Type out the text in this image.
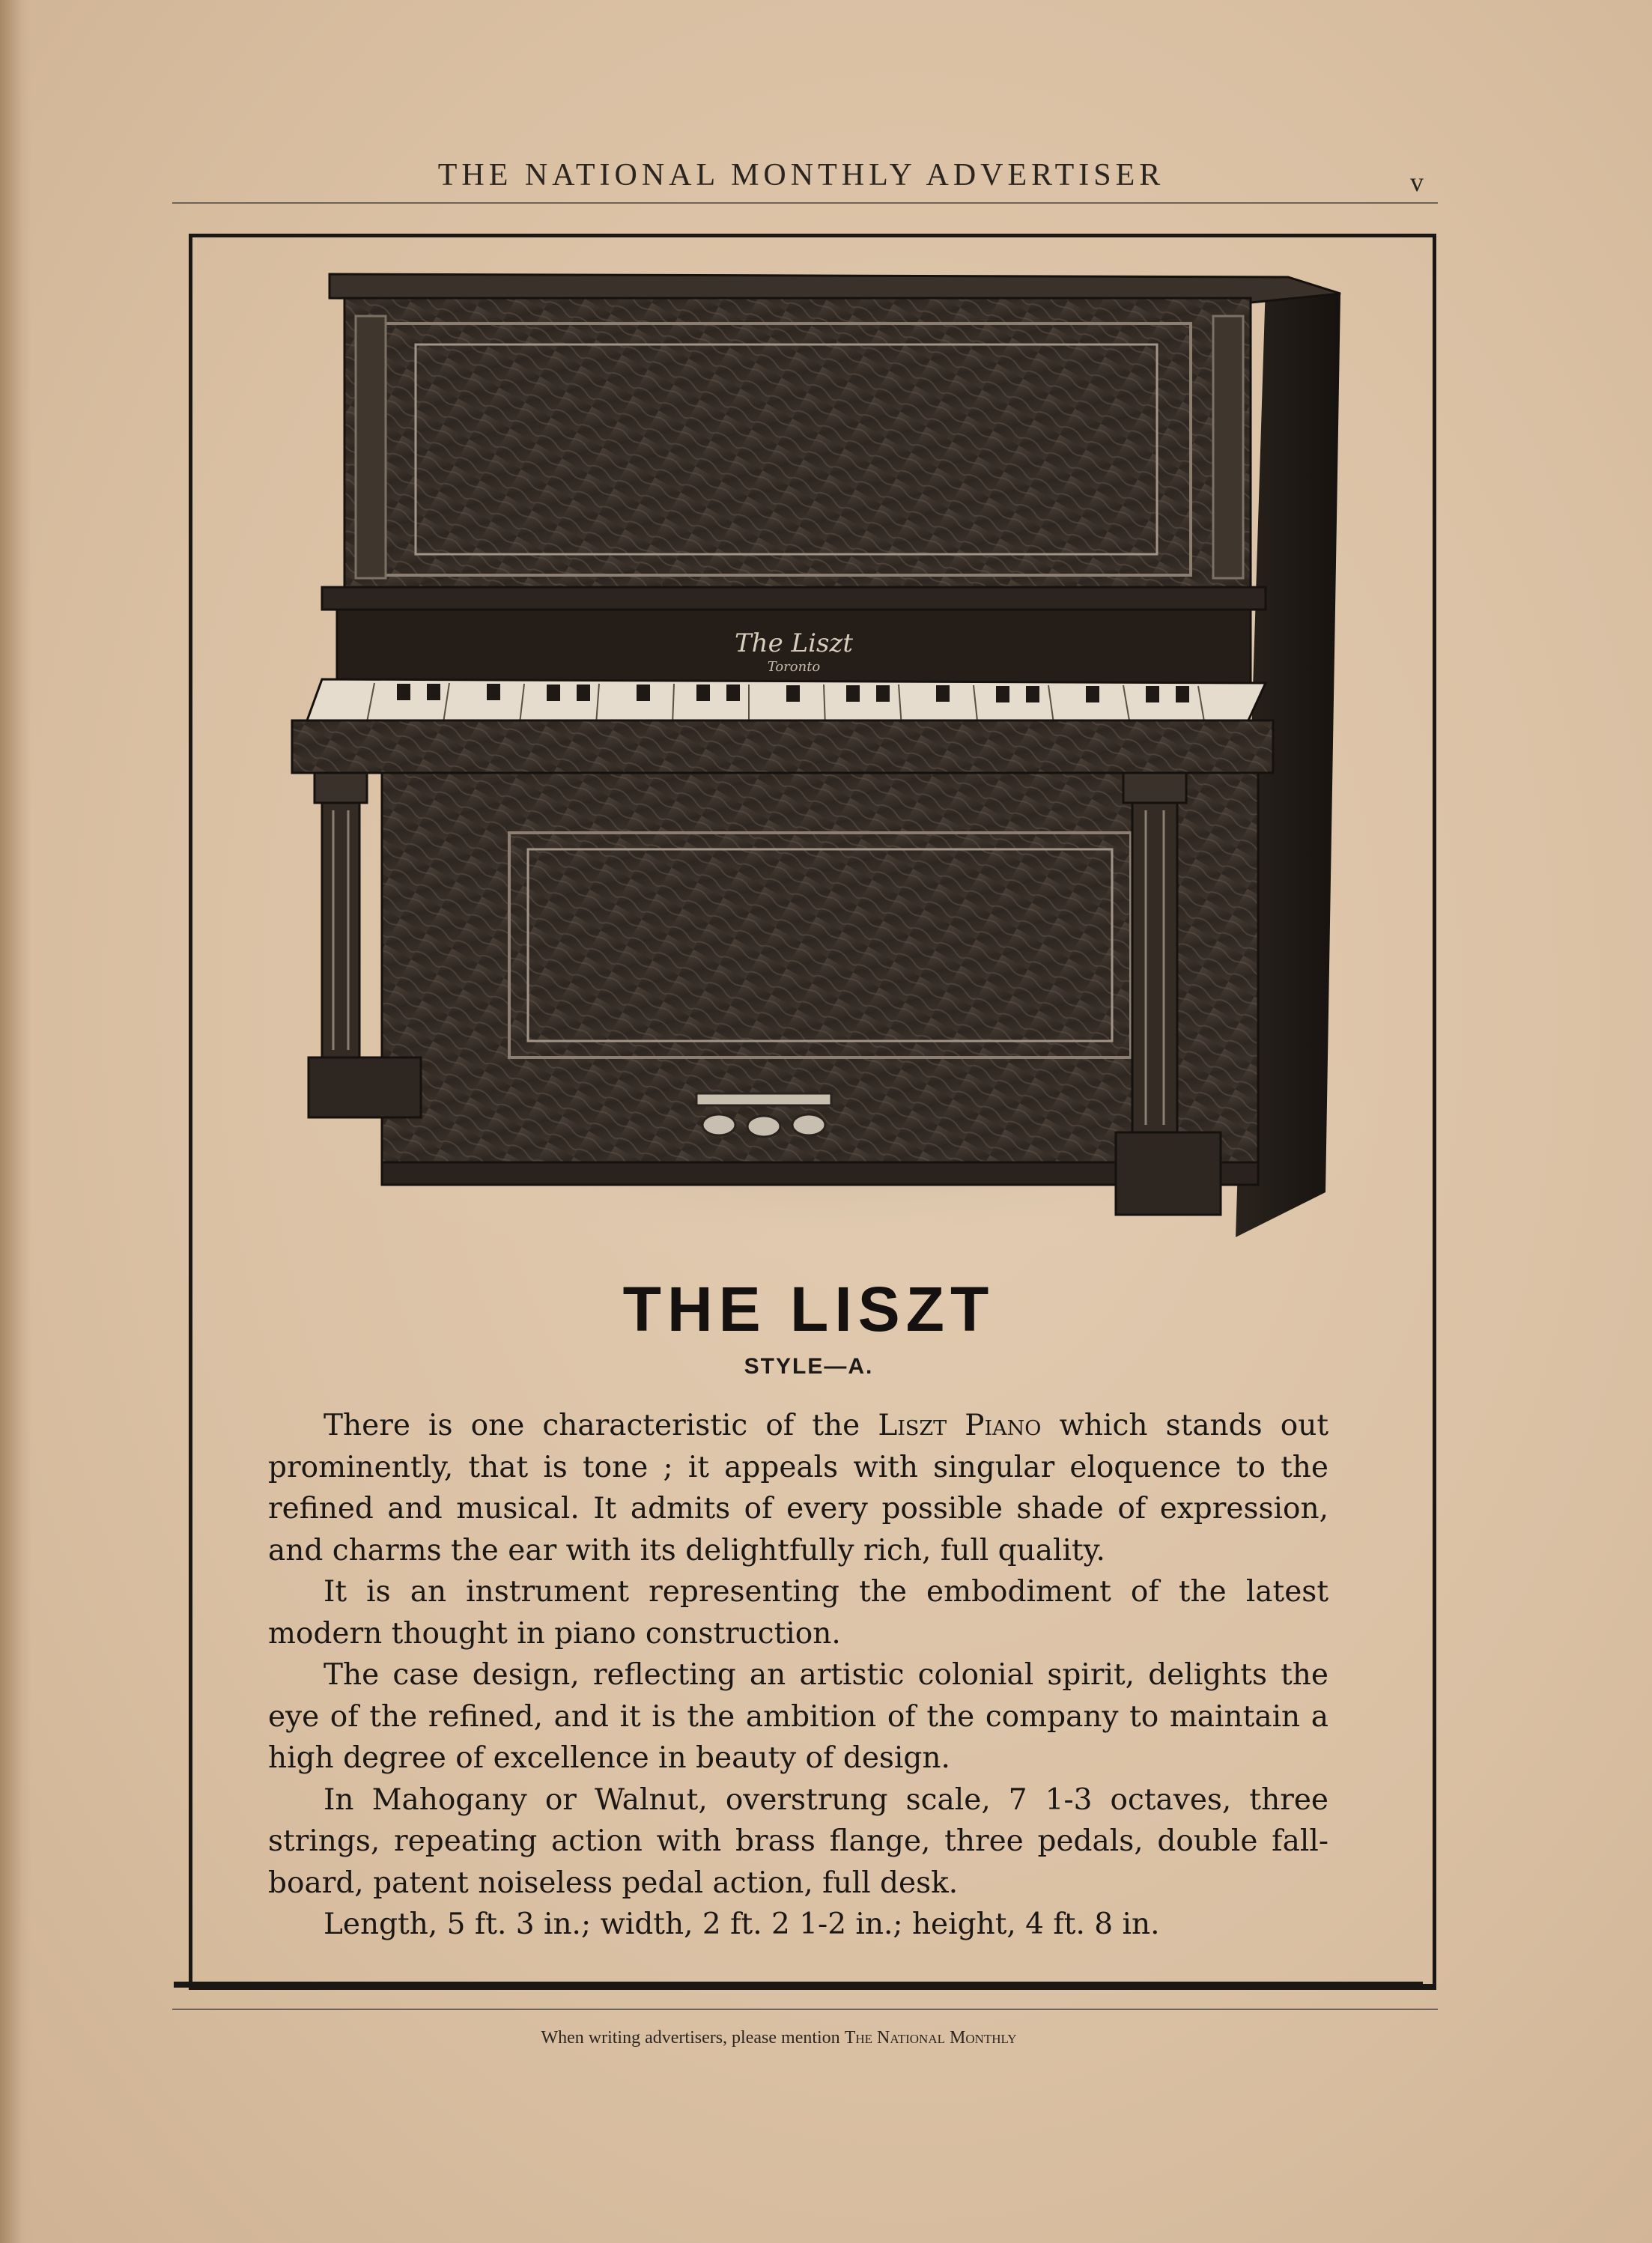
THE NATIONAL MONTHLY ADVERTISER	v
The Liszt
Toronto
THE LISZT
STYLE—A.

There is one characteristic of the Liszt Piano which stands out prominently, that is tone ; it appeals with singular eloquence to the refined and musical. It admits of every possible shade of expression, and charms the ear with its delightfully rich, full quality.

It is an instrument representing the embodiment of the latest modern thought in piano construction.

The case design, reflecting an artistic colonial spirit, delights the eye of the refined, and it is the ambition of the company to maintain a high degree of excellence in beauty of design.

In Mahogany or Walnut, overstrung scale, 7 1-3 octaves, three strings, repeating action with brass flange, three pedals, double fall-board, patent noiseless pedal action, full desk.

Length, 5 ft. 3 in.; width, 2 ft. 2 1-2 in.; height, 4 ft. 8 in.

When writing advertisers, please mention The National Monthly
